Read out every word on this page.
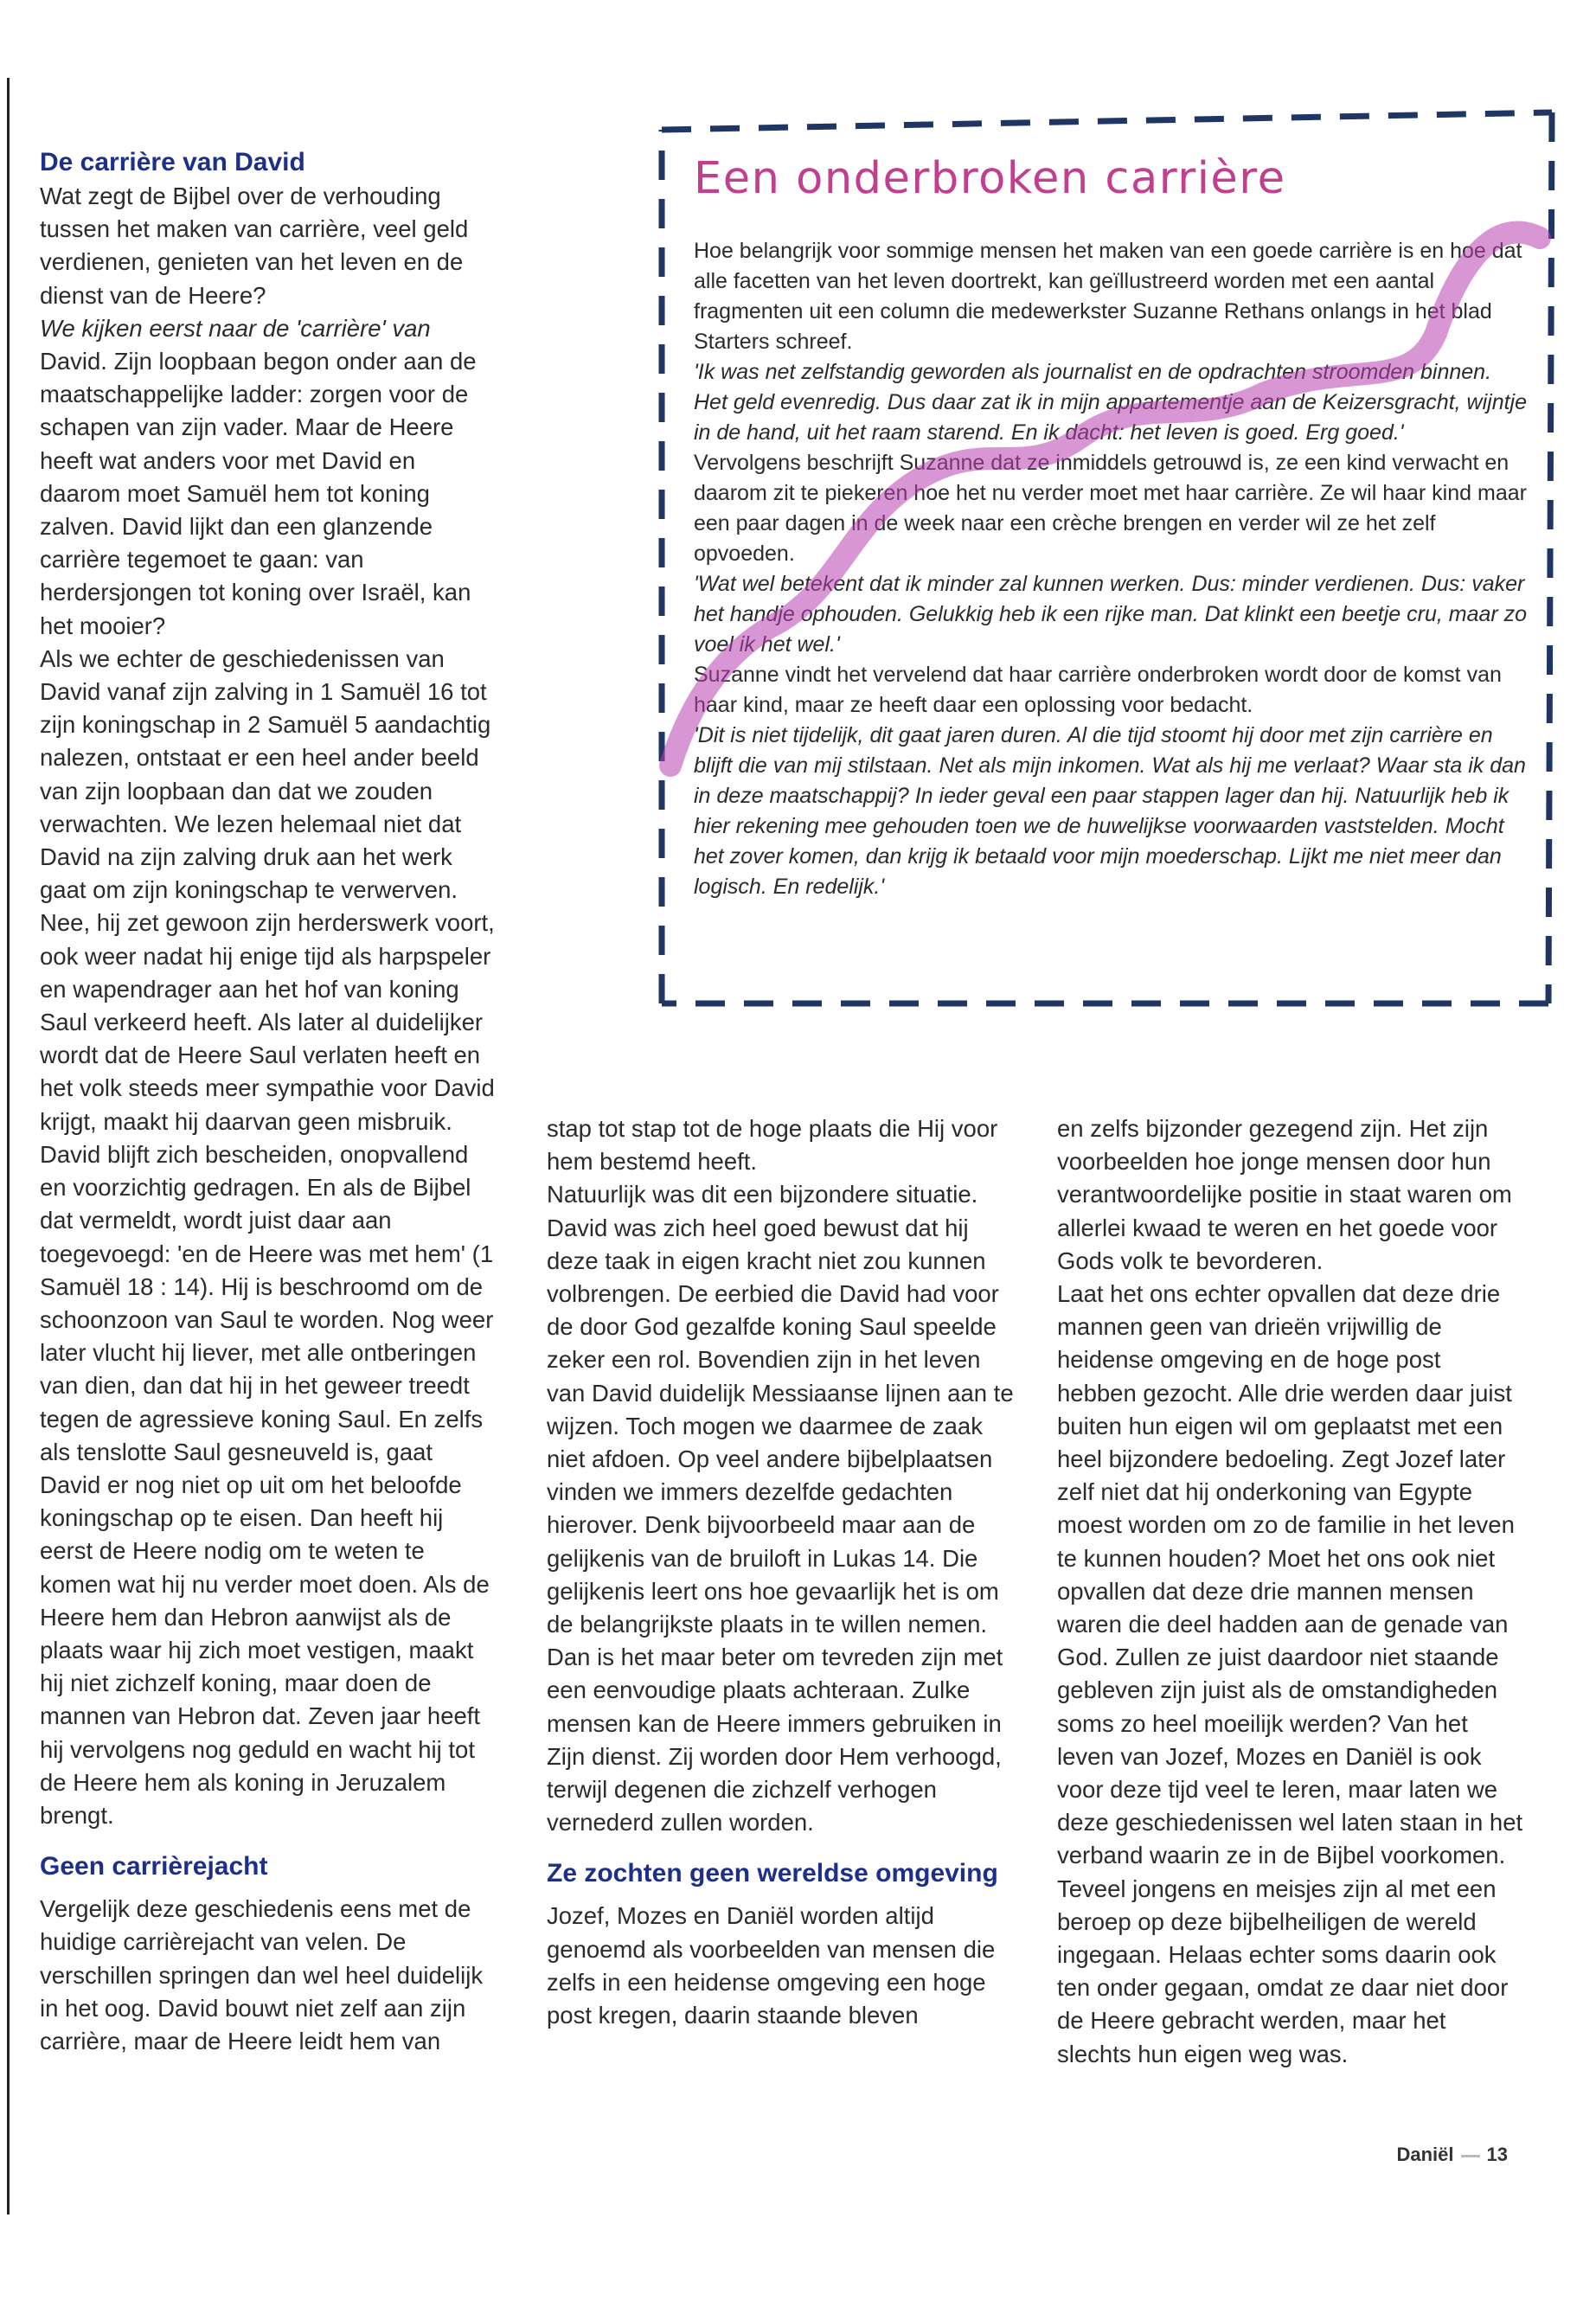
De carrière van David

Wat zegt de Bijbel over de verhouding tussen het maken van carrière, veel geld verdienen, genieten van het leven en de dienst van de Heere?

We kijken eerst naar de 'carrière' van David. Zijn loopbaan begon onder aan de maatschappelijke ladder: zorgen voor de schapen van zijn vader. Maar de Heere heeft wat anders voor met David en daarom moet Samuël hem tot koning zalven. David lijkt dan een glanzende carrière tegemoet te gaan: van herdersjongen tot koning over Israël, kan het mooier?

Als we echter de geschiedenissen van David vanaf zijn zalving in 1 Samuël 16 tot zijn koningschap in 2 Samuël 5 aandachtig nalezen, ontstaat er een heel ander beeld van zijn loopbaan dan dat we zouden verwachten. We lezen helemaal niet dat David na zijn zalving druk aan het werk gaat om zijn koningschap te verwerven. Nee, hij zet gewoon zijn herderswerk voort, ook weer nadat hij enige tijd als harpspeler en wapendrager aan het hof van koning Saul verkeerd heeft. Als later al duidelijker wordt dat de Heere Saul verlaten heeft en het volk steeds meer sympathie voor David krijgt, maakt hij daarvan geen misbruik. David blijft zich bescheiden, onopvallend en voorzichtig gedragen. En als de Bijbel dat vermeldt, wordt juist daar aan toegevoegd: 'en de Heere was met hem' (1 Samuël 18 : 14). Hij is beschroomd om de schoonzoon van Saul te worden. Nog weer later vlucht hij liever, met alle ontberingen van dien, dan dat hij in het geweer treedt tegen de agressieve koning Saul. En zelfs als tenslotte Saul gesneuveld is, gaat David er nog niet op uit om het beloofde koningschap op te eisen. Dan heeft hij eerst de Heere nodig om te weten te komen wat hij nu verder moet doen. Als de Heere hem dan Hebron aanwijst als de plaats waar hij zich moet vestigen, maakt hij niet zichzelf koning, maar doen de mannen van Hebron dat. Zeven jaar heeft hij vervolgens nog geduld en wacht hij tot de Heere hem als koning in Jeruzalem brengt.

Geen carrièrejacht

Vergelijk deze geschiedenis eens met de huidige carrièrejacht van velen. De verschillen springen dan wel heel duidelijk in het oog. David bouwt niet zelf aan zijn carrière, maar de Heere leidt hem van

Een onderbroken carrière

Hoe belangrijk voor sommige mensen het maken van een goede carrière is en hoe dat alle facetten van het leven doortrekt, kan geïllustreerd worden met een aantal fragmenten uit een column die medewerkster Suzanne Rethans onlangs in het blad Starters schreef.

'Ik was net zelfstandig geworden als journalist en de opdrachten stroomden binnen. Het geld evenredig. Dus daar zat ik in mijn appartementje aan de Keizersgracht, wijntje in de hand, uit het raam starend. En ik dacht: het leven is goed. Erg goed.'

Vervolgens beschrijft Suzanne dat ze inmiddels getrouwd is, ze een kind verwacht en daarom zit te piekeren hoe het nu verder moet met haar carrière. Ze wil haar kind maar een paar dagen in de week naar een crèche brengen en verder wil ze het zelf opvoeden.

'Wat wel betekent dat ik minder zal kunnen werken. Dus: minder verdienen. Dus: vaker het handje ophouden. Gelukkig heb ik een rijke man. Dat klinkt een beetje cru, maar zo voel ik het wel.'

Suzanne vindt het vervelend dat haar carrière onderbroken wordt door de komst van haar kind, maar ze heeft daar een oplossing voor bedacht.

'Dit is niet tijdelijk, dit gaat jaren duren. Al die tijd stoomt hij door met zijn carrière en blijft die van mij stilstaan. Net als mijn inkomen. Wat als hij me verlaat? Waar sta ik dan in deze maatschappij? In ieder geval een paar stappen lager dan hij. Natuurlijk heb ik hier rekening mee gehouden toen we de huwelijkse voorwaarden vaststelden. Mocht het zover komen, dan krijg ik betaald voor mijn moederschap. Lijkt me niet meer dan logisch. En redelijk.'

stap tot stap tot de hoge plaats die Hij voor hem bestemd heeft.

Natuurlijk was dit een bijzondere situatie. David was zich heel goed bewust dat hij deze taak in eigen kracht niet zou kunnen volbrengen. De eerbied die David had voor de door God gezalfde koning Saul speelde zeker een rol. Bovendien zijn in het leven van David duidelijk Messiaanse lijnen aan te wijzen. Toch mogen we daarmee de zaak niet afdoen. Op veel andere bijbelplaatsen vinden we immers dezelfde gedachten hierover. Denk bijvoorbeeld maar aan de gelijkenis van de bruiloft in Lukas 14. Die gelijkenis leert ons hoe gevaarlijk het is om de belangrijkste plaats in te willen nemen. Dan is het maar beter om tevreden zijn met een eenvoudige plaats achteraan. Zulke mensen kan de Heere immers gebruiken in Zijn dienst. Zij worden door Hem verhoogd, terwijl degenen die zichzelf verhogen vernederd zullen worden.

Ze zochten geen wereldse omgeving

Jozef, Mozes en Daniël worden altijd genoemd als voorbeelden van mensen die zelfs in een heidense omgeving een hoge post kregen, daarin staande bleven

en zelfs bijzonder gezegend zijn. Het zijn voorbeelden hoe jonge mensen door hun verantwoordelijke positie in staat waren om allerlei kwaad te weren en het goede voor Gods volk te bevorderen.

Laat het ons echter opvallen dat deze drie mannen geen van drieën vrijwillig de heidense omgeving en de hoge post hebben gezocht. Alle drie werden daar juist buiten hun eigen wil om geplaatst met een heel bijzondere bedoeling. Zegt Jozef later zelf niet dat hij onderkoning van Egypte moest worden om zo de familie in het leven te kunnen houden? Moet het ons ook niet opvallen dat deze drie mannen mensen waren die deel hadden aan de genade van God. Zullen ze juist daardoor niet staande gebleven zijn juist als de omstandigheden soms zo heel moeilijk werden? Van het leven van Jozef, Mozes en Daniël is ook voor deze tijd veel te leren, maar laten we deze geschiedenissen wel laten staan in het verband waarin ze in de Bijbel voorkomen. Teveel jongens en meisjes zijn al met een beroep op deze bijbelheiligen de wereld ingegaan. Helaas echter soms daarin ook ten onder gegaan, omdat ze daar niet door de Heere gebracht werden, maar het slechts hun eigen weg was.

Daniël 13
